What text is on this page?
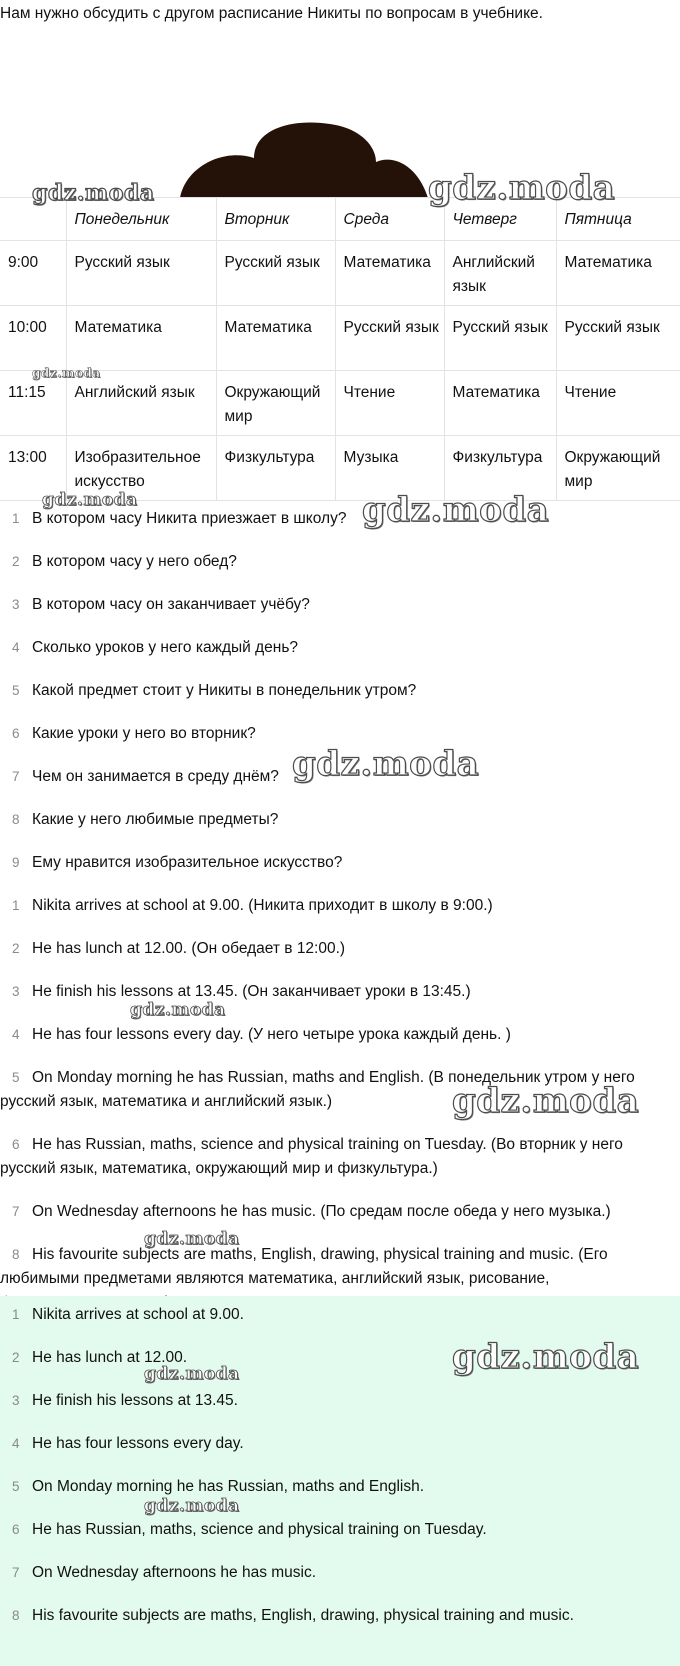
Нам нужно обсудить с другом расписание Никиты по вопросам в учебнике.
	Понедельник	Вторник	Среда	Четверг	Пятница
9:00	Русский язык	Русский язык	Математика	Английский язык	Математика
10:00	Математика	Математика	Русский язык	Русский язык	Русский язык
11:15	Английский язык	Окружающий мир	Чтение	Математика	Чтение
13:00	Изобразительное искусство	Физкультура	Музыка	Физкультура	Окружающий мир
1 В котором часу Никита приезжает в школу?
2 В котором часу у него обед?
3 В котором часу он заканчивает учёбу?
4 Сколько уроков у него каждый день?
5 Какой предмет стоит у Никиты в понедельник утром?
6 Какие уроки у него во вторник?
7 Чем он занимается в среду днём?
8 Какие у него любимые предметы?
9 Ему нравится изобразительное искусство?
1 Nikita arrives at school at 9.00. (Никита приходит в школу в 9:00.)
2 He has lunch at 12.00. (Он обедает в 12:00.)
3 He finish his lessons at 13.45. (Он заканчивает уроки в 13:45.)
4 He has four lessons every day. (У него четыре урока каждый день. )
5 On Monday morning he has Russian, maths and English. (В понедельник утром у него
русский язык, математика и английский язык.)
6 He has Russian, maths, science and physical training on Tuesday. (Во вторник у него
русский язык, математика, окружающий мир и физкультура.)
7 On Wednesday afternoons he has music. (По средам после обеда у него музыка.)
8 His favourite subjects are maths, English, drawing, physical training and music. (Его
любимыми предметами являются математика, английский язык, рисование,
1 Nikita arrives at school at 9.00.
2 He has lunch at 12.00.
3 He finish his lessons at 13.45.
4 He has four lessons every day.
5 On Monday morning he has Russian, maths and English.
6 He has Russian, maths, science and physical training on Tuesday.
7 On Wednesday afternoons he has music.
8 His favourite subjects are maths, English, drawing, physical training and music.
gdz.moda	gdz.moda
gdz.moda
gdz.moda	gdz.moda
gdz.moda
gdz.moda
gdz.moda
gdz.moda
gdz.moda
gdz.moda
gdz.moda
